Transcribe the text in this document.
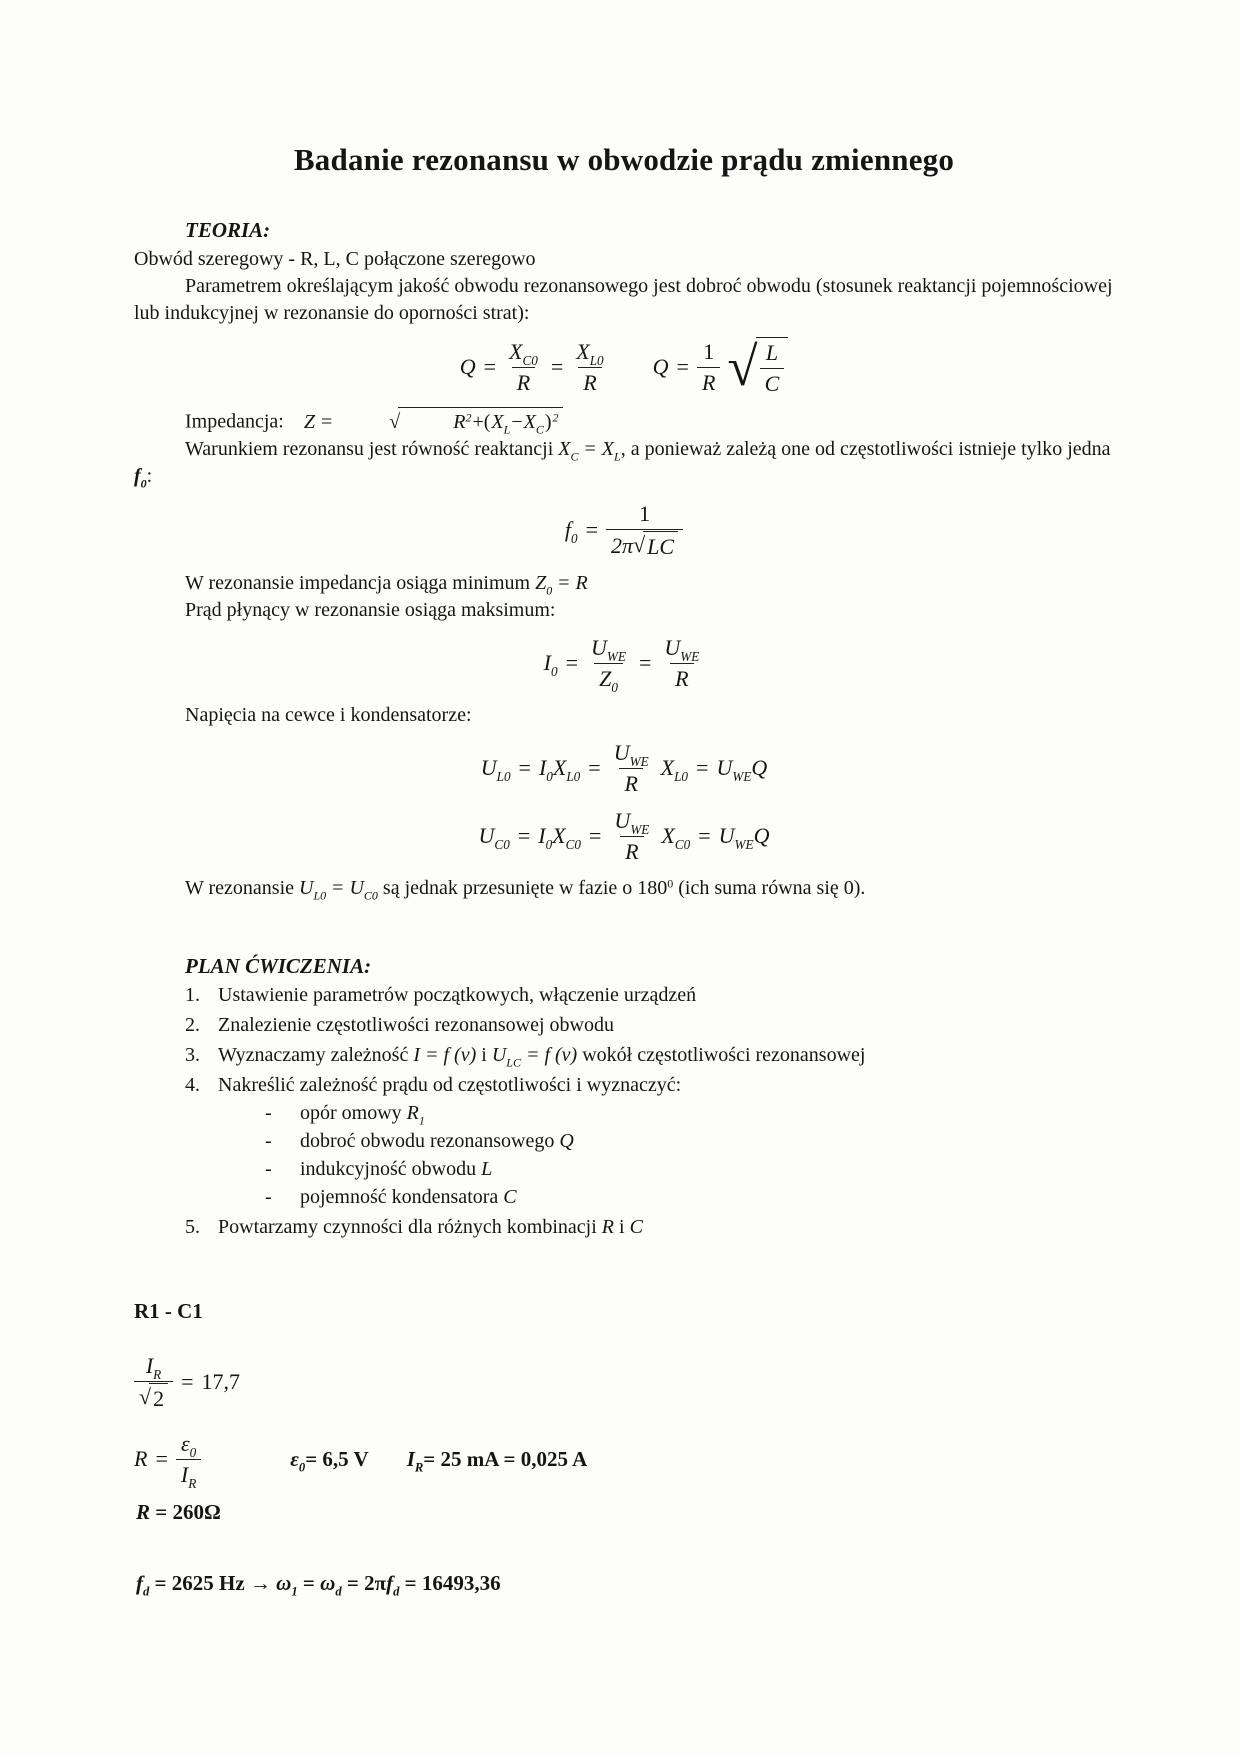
Badanie rezonansu w obwodzie prądu zmiennego

TEORIA:

Obwód szeregowy - R, L, C połączone szeregowo

Parametrem określającym jakość obwodu rezonansowego jest dobroć obwodu (stosunek reaktancji pojemnościowej lub indukcyjnej w rezonansie do oporności strat):

$Q = \frac{X_{C0}}{R} = \frac{X_{L0}}{R}$ $Q = \frac{1}{R}$ √ $\frac{L}{C}$

Impedancja: Z =	√	$R^2+(X_L-X_C)^2$

Warunkiem rezonansu jest równość reaktancji $X_C = X_L$, a ponieważ zależą one od częstotliwości istnieje tylko jedna $f_0$:

$f_0 = \frac{1}{2\pi √ LC}$

W rezonansie impedancja osiąga minimum $Z_0 = R$

Prąd płynący w rezonansie osiąga maksimum:

$I_0 = \frac{U_{WE}}{Z_0} = \frac{U_{WE}}{R}$

Napięcia na cewce i kondensatorze:

$U_{L0} = I_0X_{L0} = \frac{U_{WE}}{R} X_{L0} = U_{WE}Q$
$U_{C0} = I_0X_{C0} = \frac{U_{WE}}{R} X_{C0} = U_{WE}Q$

W rezonansie $U_{L0} = U_{C0}$ są jednak przesunięte w fazie o $180^0$ (ich suma równa się 0).

PLAN ĆWICZENIA:

1. Ustawienie parametrów początkowych, włączenie urządzeń
2. Znalezienie częstotliwości rezonansowej obwodu
3. Wyznaczamy zależność I = f (ν) i $U_{LC} = f$ (ν) wokół częstotliwości rezonansowej
4. Nakreślić zależność prądu od częstotliwości i wyznaczyć:
-	opór omowy $R_1$
-	dobroć obwodu rezonansowego Q
-	indukcyjność obwodu L
-	pojemność kondensatora C
5. Powtarzamy czynności dla różnych kombinacji R i C

R1 - C1

$\frac{I_R}{√ 2} = 17,7$
$R = \frac{\varepsilon_0}{I_R}$	$\varepsilon_0 = 6,5$ V $I_R = 25$ mA = 0,025 A

R = 260Ω

$f_d = 2625$ $Hz \to \omega_1 = \omega_d = 2\pi f_d = 16493,36$
